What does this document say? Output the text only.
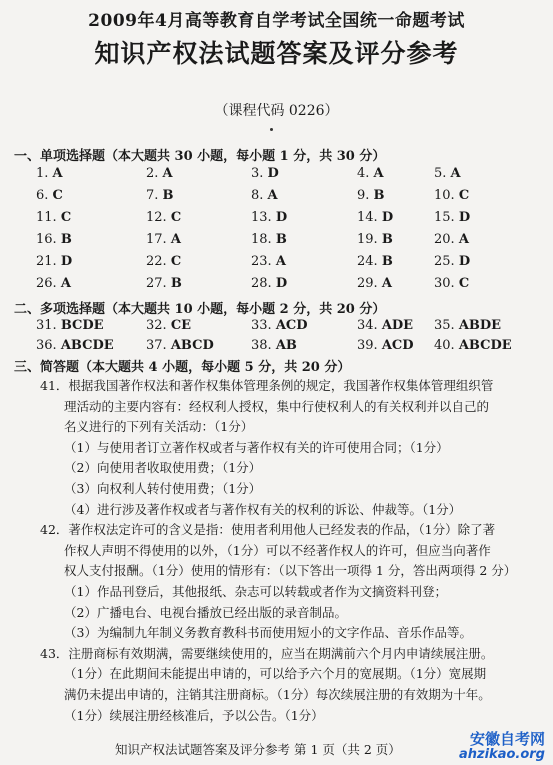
2009年4月高等教育自学考试全国统一命题考试
知识产权法试题答案及评分参考
（课程代码 0226）
一、单项选择题（本大题共 30 小题，每小题 1 分，共 30 分）
1. A	2. A	3. D	4. A	5. A
6. C	7. B	8. A	9. B	10. C
11. C	12. C	13. D	14. D	15. D
16. B	17. A	18. B	19. B	20. A
21. D	22. C	23. A	24. B	25. D
26. A	27. B	28. D	29. A	30. C
二、多项选择题（本大题共 10 小题，每小题 2 分，共 20 分）
31. BCDE	32. CE	33. ACD	34. ADE 35. ABDE
36. ABCDE 37. ABCD	38. AB	39. ACD 40. ABCDE
三、简答题（本大题共 4 小题，每小题 5 分，共 20 分）
41．根据我国著作权法和著作权集体管理条例的规定，我国著作权集体管理组织管
理活动的主要内容有：经权利人授权，集中行使权利人的有关权利并以自己的
名义进行的下列有关活动：（1分）
（1）与使用者订立著作权或者与著作权有关的许可使用合同；（1分）
（2）向使用者收取使用费；（1分）
（3）向权利人转付使用费；（1分）
（4）进行涉及著作权或者与著作权有关的权利的诉讼、仲裁等。（1分）
42．著作权法定许可的含义是指：使用者利用他人已经发表的作品，（1分）除了著
作权人声明不得使用的以外，（1分）可以不经著作权人的许可，但应当向著作
权人支付报酬。（1分）使用的情形有：（以下答出一项得 1 分，答出两项得 2 分）
（1）作品刊登后，其他报纸、杂志可以转载或者作为文摘资料刊登；
（2）广播电台、电视台播放已经出版的录音制品。
（3）为编制九年制义务教育教科书而使用短小的文字作品、音乐作品等。
43．注册商标有效期满，需要继续使用的，应当在期满前六个月内申请续展注册。
（1分）在此期间未能提出申请的，可以给予六个月的宽展期。（1分）宽展期
满仍未提出申请的，注销其注册商标。（1分）每次续展注册的有效期为十年。
（1分）续展注册经核准后，予以公告。（1分）
知识产权法试题答案及评分参考 第 1 页（共 2 页）
安徽自考网
ahzikao.org
